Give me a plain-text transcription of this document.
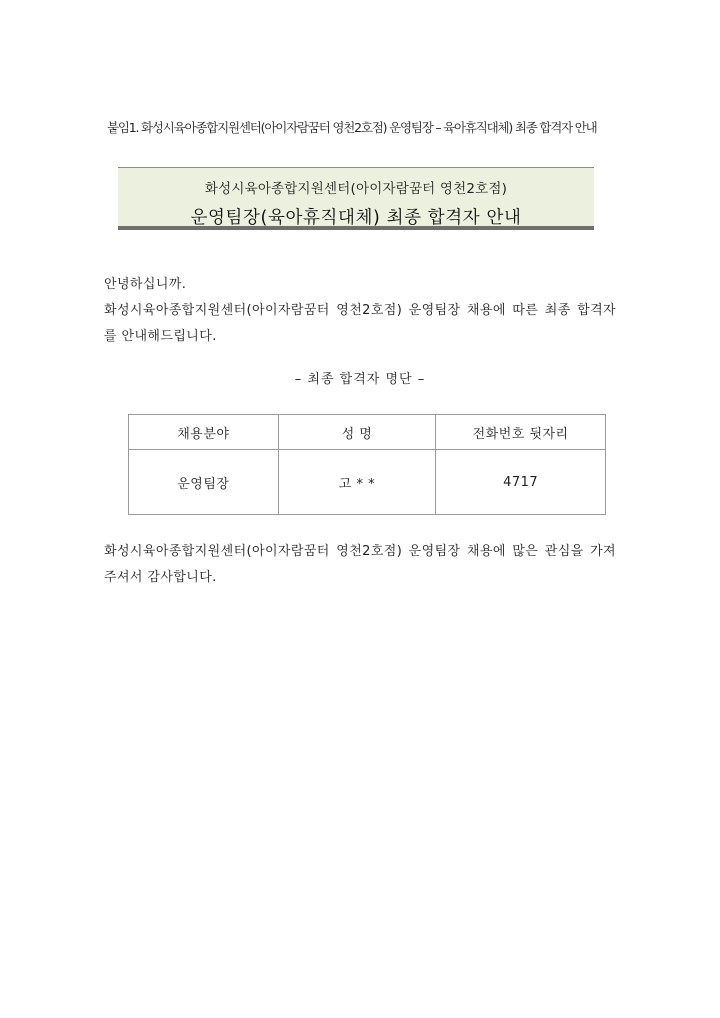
붙임1. 화성시육아종합지원센터(아이자람꿈터 영천2호점) 운영팀장 – 육아휴직대체) 최종 합격자 안내
화성시육아종합지원센터(아이자람꿈터 영천2호점)
운영팀장(육아휴직대체) 최종 합격자 안내

안녕하십니까.

화성시육아종합지원센터(아이자람꿈터 영천2호점) 운영팀장 채용에 따른 최종 합격자를 안내해드립니다.

– 최종 합격자 명단 –
채용분야	성 명	전화번호 뒷자리
운영팀장	고 * *	4717

화성시육아종합지원센터(아이자람꿈터 영천2호점) 운영팀장 채용에 많은 관심을 가져 주셔서 감사합니다.
